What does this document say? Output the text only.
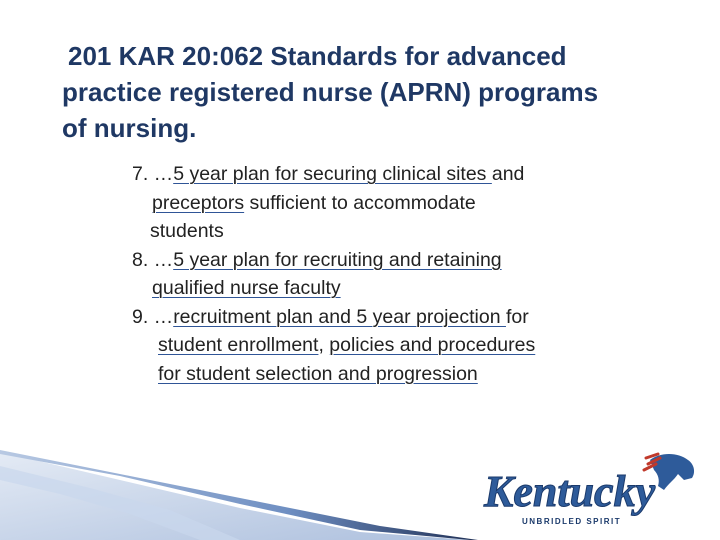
201 KAR 20:062 Standards for advanced
practice registered nurse (APRN) programs
of nursing.
7. …5 year plan for securing clinical sites and
preceptors sufficient to accommodate
students
8. …5 year plan for recruiting and retaining
qualified nurse faculty
9. …recruitment plan and 5 year projection for
student enrollment, policies and procedures
for student selection and progression
Kentucky
UNBRIDLED SPIRIT
